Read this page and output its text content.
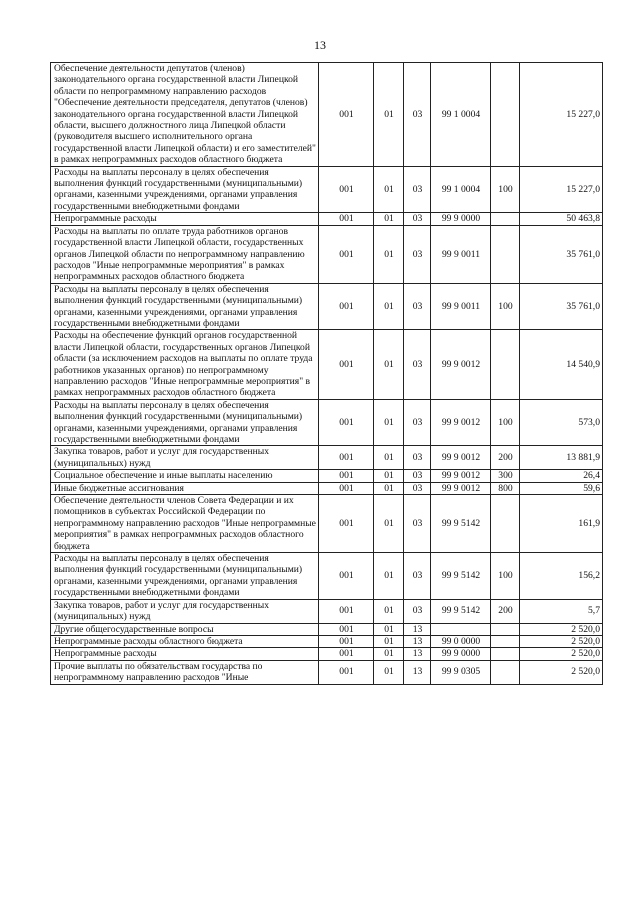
13
Обеспечение деятельности депутатов (членов) законодательного органа государственной власти Липецкой области по непрограммному направлению расходов "Обеспечение деятельности председателя, депутатов (членов) законодательного органа государственной власти Липецкой области, высшего должностного лица Липецкой области (руководителя высшего исполнительного органа государственной власти Липецкой области) и его заместителей" в рамках непрограммных расходов областного бюджета	001	01	03	99 1 0004		15 227,0
Расходы на выплаты персоналу в целях обеспечения выполнения функций государственными (муниципальными) органами, казенными учреждениями, органами управления государственными внебюджетными фондами	001	01	03	99 1 0004	100	15 227,0
Непрограммные расходы	001	01	03	99 9 0000		50 463,8
Расходы на выплаты по оплате труда работников органов государственной власти Липецкой области, государственных органов Липецкой области по непрограммному направлению расходов "Иные непрограммные мероприятия" в рамках непрограммных расходов областного бюджета	001	01	03	99 9 0011		35 761,0
Расходы на выплаты персоналу в целях обеспечения выполнения функций государственными (муниципальными) органами, казенными учреждениями, органами управления государственными внебюджетными фондами	001	01	03	99 9 0011	100	35 761,0
Расходы на обеспечение функций органов государственной власти Липецкой области, государственных органов Липецкой области (за исключением расходов на выплаты по оплате труда работников указанных органов) по непрограммному направлению расходов "Иные непрограммные мероприятия" в рамках непрограммных расходов областного бюджета	001	01	03	99 9 0012		14 540,9
Расходы на выплаты персоналу в целях обеспечения выполнения функций государственными (муниципальными) органами, казенными учреждениями, органами управления государственными внебюджетными фондами	001	01	03	99 9 0012	100	573,0
Закупка товаров, работ и услуг для государственных (муниципальных) нужд	001	01	03	99 9 0012	200	13 881,9
Социальное обеспечение и иные выплаты населению	001	01	03	99 9 0012	300	26,4
Иные бюджетные ассигнования	001	01	03	99 9 0012	800	59,6
Обеспечение деятельности членов Совета Федерации и их помощников в субъектах Российской Федерации по непрограммному направлению расходов "Иные непрограммные мероприятия" в рамках непрограммных расходов областного бюджета	001	01	03	99 9 5142		161,9
Расходы на выплаты персоналу в целях обеспечения выполнения функций государственными (муниципальными) органами, казенными учреждениями, органами управления государственными внебюджетными фондами	001	01	03	99 9 5142	100	156,2
Закупка товаров, работ и услуг для государственных (муниципальных) нужд	001	01	03	99 9 5142	200	5,7
Другие общегосударственные вопросы	001	01	13			2 520,0
Непрограммные расходы областного бюджета	001	01	13	99 0 0000		2 520,0
Непрограммные расходы	001	01	13	99 9 0000		2 520,0
Прочие выплаты по обязательствам государства по непрограммному направлению расходов "Иные	001	01	13	99 9 0305		2 520,0
